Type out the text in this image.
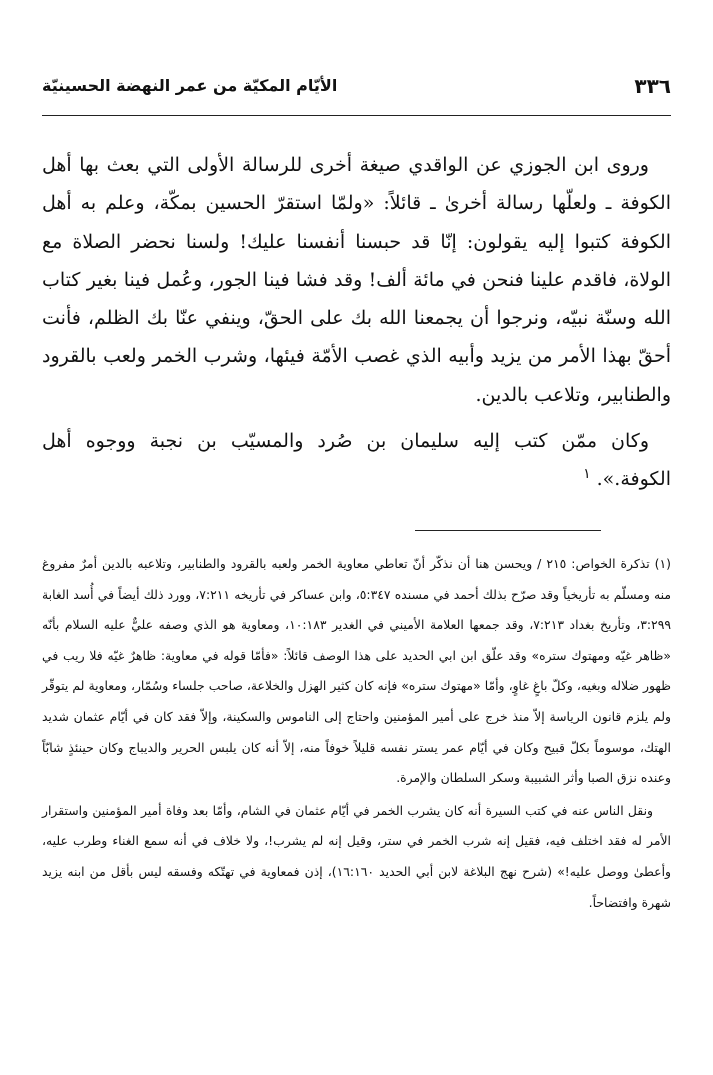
٣٣٦
الأيّام المكيّة من عمر النهضة الحسينيّة

وروى ابن الجوزي عن الواقدي صيغة أخرى للرسالة الأولى التي بعث بها أهل الكوفة ـ ولعلّها رسالة أخرىٰ ـ قائلاً: «ولمّا استقرّ الحسين بمكّة، وعلم به أهل الكوفة كتبوا إليه يقولون: إنّا قد حبسنا أنفسنا عليك! ولسنا نحضر الصلاة مع الولاة، فاقدم علينا فنحن في مائة ألف! وقد فشا فينا الجور، وعُمل فينا بغير كتاب الله وسنّة نبيّه، ونرجوا أن يجمعنا الله بك على الحقّ، وينفي عنّا بك الظلم، فأنت أحقّ بهذا الأمر من يزيد وأبيه الذي غصب الأمّة فيئها، وشرب الخمر ولعب بالقرود والطنابير، وتلاعب بالدين.

وكان ممّن كتب إليه سليمان بن صُرد والمسيّب بن نجبة ووجوه أهل الكوفة.».$^١$

(١) تذكرة الخواص: ٢١٥ / ويحسن هنا أن نذكّر أنّ تعاطي معاوية الخمر ولعبه بالقرود والطنابير، وتلاعبه بالدين أمرٌ مفروغ منه ومسلّم به تأريخياً وقد صرّح بذلك أحمد في مسنده ٥:٣٤٧، وابن عساكر في تأريخه ٧:٢١١، وورد ذلك أيضاً في أُسد الغابة ٣:٢٩٩، وتأريخ بغداد ٧:٢١٣، وقد جمعها العلامة الأميني في الغدير ١٠:١٨٣، ومعاوية هو الذي وصفه عليٌّ عليه السلام بأنّه «ظاهر غيّه ومهتوك ستره» وقد علّق ابن ابي الحديد على هذا الوصف قائلاً: «فأمّا قوله في معاوية: ظاهرٌ غيّه فلا ريب في ظهور ضلاله وبغيه، وكلّ باغٍ غاوٍ، وأمّا «مهتوك ستره» فإنه كان كثير الهزل والخلاعة، صاحب جلساء وسُمّار، ومعاوية لم يتوقّر ولم يلزم قانون الرياسة إلاّ منذ خرج على أمير المؤمنين واحتاج إلى الناموس والسكينة، وإلاّ فقد كان في أيّام عثمان شديد الهتك، موسوماً بكلّ قبيح وكان في أيّام عمر يستر نفسه قليلاً خوفاً منه، إلاّ أنه كان يلبس الحرير والديباج وكان حينئذٍ شابّاً وعنده نزق الصبا وأثر الشبيبة وسكر السلطان والإمرة.

ونقل الناس عنه في كتب السيرة أنه كان يشرب الخمر في أيّام عثمان في الشام، وأمّا بعد وفاة أمير المؤمنين واستقرار الأمر له فقد اختلف فيه، فقيل إنه شرب الخمر في ستر، وقيل إنه لم يشرب!، ولا خلاف في أنه سمع الغناء وطرب عليه، وأعطىٰ ووصل عليه!» (شرح نهج البلاغة لابن أبي الحديد ١٦:١٦٠)، إذن فمعاوية في تهتّكه وفسقه ليس بأقل من ابنه يزيد شهرة وافتضاحاً.
